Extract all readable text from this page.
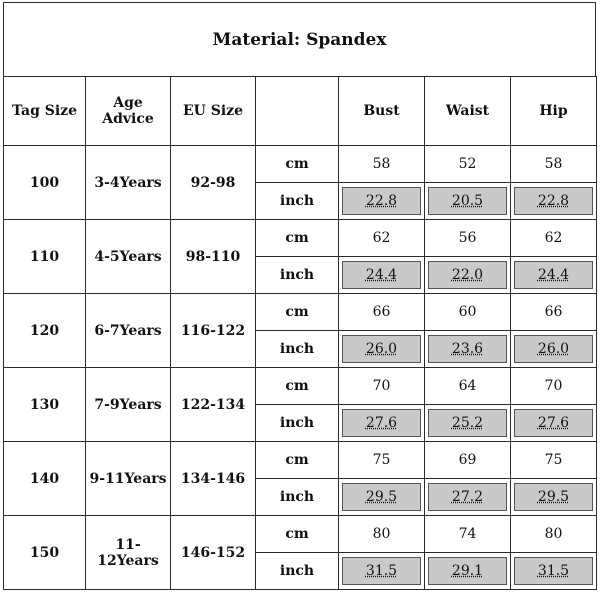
Material: Spandex
Tag Size	Age Advice	EU Size		Bust	Waist	Hip
100	3-4Years	92-98	cm	58	52	58
			inch	22.8	20.5	22.8

110	4-5Years	98-110	cm	62	56	62
			inch	24.4	22.0	24.4

120	6-7Years	116-122	cm	66	60	66
			inch	26.0	23.6	26.0

130	7-9Years	122-134	cm	70	64	70
			inch	27.6	25.2	27.6

140	9-11Years	134-146	cm	75	69	75
			inch	29.5	27.2	29.5

150	11-12Years	146-152	cm	80	74	80
			inch	31.5	29.1	31.5
